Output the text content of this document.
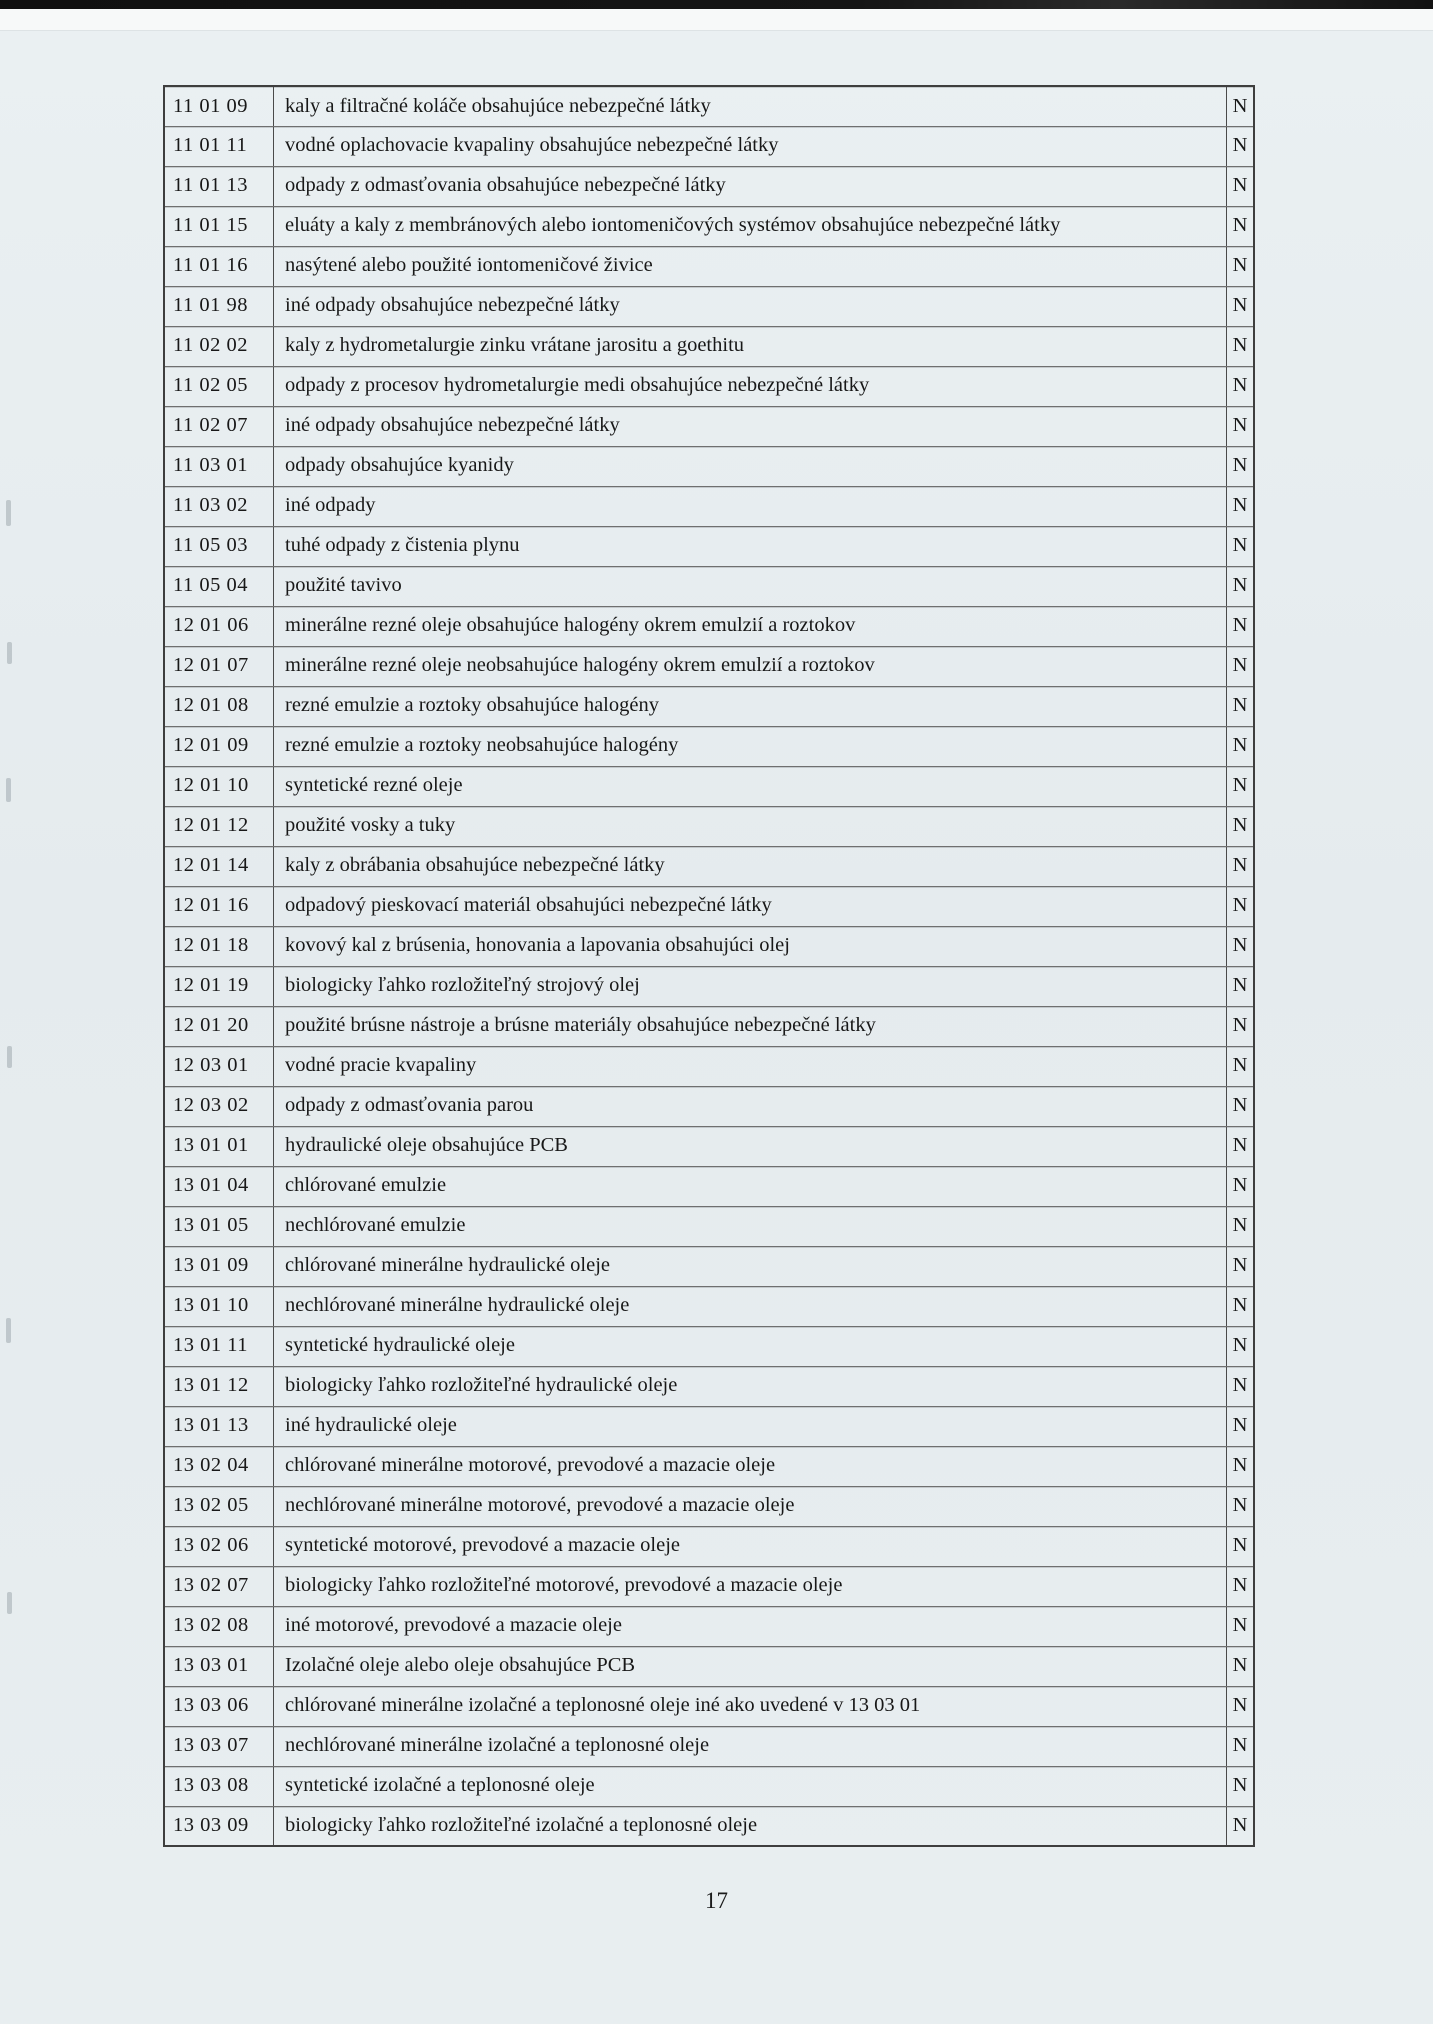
11 01 09	kaly a filtračné koláče obsahujúce nebezpečné látky	N
11 01 11	vodné oplachovacie kvapaliny obsahujúce nebezpečné látky	N
11 01 13	odpady z odmasťovania obsahujúce nebezpečné látky	N
11 01 15	eluáty a kaly z membránových alebo iontomeničových systémov obsahujúce nebezpečné látky	N
11 01 16	nasýtené alebo použité iontomeničové živice	N
11 01 98	iné odpady obsahujúce nebezpečné látky	N
11 02 02	kaly z hydrometalurgie zinku vrátane jarositu a goethitu	N
11 02 05	odpady z procesov hydrometalurgie medi obsahujúce nebezpečné látky	N
11 02 07	iné odpady obsahujúce nebezpečné látky	N
11 03 01	odpady obsahujúce kyanidy	N
11 03 02	iné odpady	N
11 05 03	tuhé odpady z čistenia plynu	N
11 05 04	použité tavivo	N
12 01 06	minerálne rezné oleje obsahujúce halogény okrem emulzií a roztokov	N
12 01 07	minerálne rezné oleje neobsahujúce halogény okrem emulzií a roztokov	N
12 01 08	rezné emulzie a roztoky obsahujúce halogény	N
12 01 09	rezné emulzie a roztoky neobsahujúce halogény	N
12 01 10	syntetické rezné oleje	N
12 01 12	použité vosky a tuky	N
12 01 14	kaly z obrábania obsahujúce nebezpečné látky	N
12 01 16	odpadový pieskovací materiál obsahujúci nebezpečné látky	N
12 01 18	kovový kal z brúsenia, honovania a lapovania obsahujúci olej	N
12 01 19	biologicky ľahko rozložiteľný strojový olej	N
12 01 20	použité brúsne nástroje a brúsne materiály obsahujúce nebezpečné látky	N
12 03 01	vodné pracie kvapaliny	N
12 03 02	odpady z odmasťovania parou	N
13 01 01	hydraulické oleje obsahujúce PCB	N
13 01 04	chlórované emulzie	N
13 01 05	nechlórované emulzie	N
13 01 09	chlórované minerálne hydraulické oleje	N
13 01 10	nechlórované minerálne hydraulické oleje	N
13 01 11	syntetické hydraulické oleje	N
13 01 12	biologicky ľahko rozložiteľné hydraulické oleje	N
13 01 13	iné hydraulické oleje	N
13 02 04	chlórované minerálne motorové, prevodové a mazacie oleje	N
13 02 05	nechlórované minerálne motorové, prevodové a mazacie oleje	N
13 02 06	syntetické motorové, prevodové a mazacie oleje	N
13 02 07	biologicky ľahko rozložiteľné motorové, prevodové a mazacie oleje	N
13 02 08	iné motorové, prevodové a mazacie oleje	N
13 03 01	Izolačné oleje alebo oleje obsahujúce PCB	N
13 03 06	chlórované minerálne izolačné a teplonosné oleje iné ako uvedené v 13 03 01	N
13 03 07	nechlórované minerálne izolačné a teplonosné oleje	N
13 03 08	syntetické izolačné a teplonosné oleje	N
13 03 09	biologicky ľahko rozložiteľné izolačné a teplonosné oleje	N
17
